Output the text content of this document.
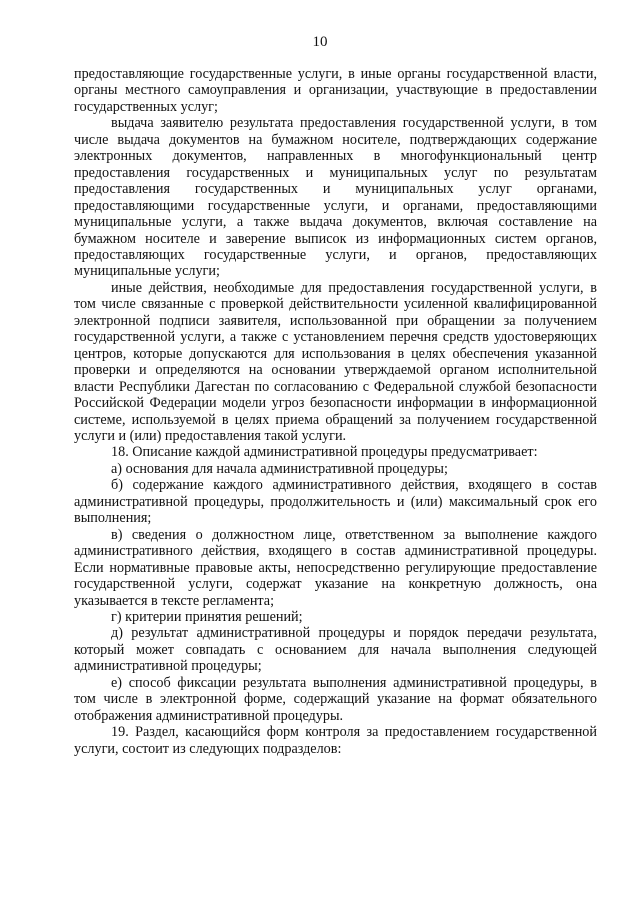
10

предоставляющие государственные услуги, в иные органы государственной власти, органы местного самоуправления и организации, участвующие в предоставлении государственных услуг;

выдача заявителю результата предоставления государственной услуги, в том числе выдача документов на бумажном носителе, подтверждающих содержание электронных документов, направленных в многофункциональный центр предоставления государственных и муниципальных услуг по результатам предоставления государственных и муниципальных услуг органами, предоставляющими государственные услуги, и органами, предоставляющими муниципальные услуги, а также выдача документов, включая составление на бумажном носителе и заверение выписок из информационных систем органов, предоставляющих государственные услуги, и органов, предоставляющих муниципальные услуги;

иные действия, необходимые для предоставления государственной услуги, в том числе связанные с проверкой действительности усиленной квалифицированной электронной подписи заявителя, использованной при обращении за получением государственной услуги, а также с установлением перечня средств удостоверяющих центров, которые допускаются для использования в целях обеспечения указанной проверки и определяются на основании утверждаемой органом исполнительной власти Республики Дагестан по согласованию с Федеральной службой безопасности Российской Федерации модели угроз безопасности информации в информационной системе, используемой в целях приема обращений за получением государственной услуги и (или) предоставления такой услуги.

18. Описание каждой административной процедуры предусматривает:

а) основания для начала административной процедуры;

б) содержание каждого административного действия, входящего в состав административной процедуры, продолжительность и (или) максимальный срок его выполнения;

в) сведения о должностном лице, ответственном за выполнение каждого административного действия, входящего в состав административной процедуры. Если нормативные правовые акты, непосредственно регулирующие предоставление государственной услуги, содержат указание на конкретную должность, она указывается в тексте регламента;

г) критерии принятия решений;

д) результат административной процедуры и порядок передачи результата, который может совпадать с основанием для начала выполнения следующей административной процедуры;

е) способ фиксации результата выполнения административной процедуры, в том числе в электронной форме, содержащий указание на формат обязательного отображения административной процедуры.

19. Раздел, касающийся форм контроля за предоставлением государственной услуги, состоит из следующих подразделов:
